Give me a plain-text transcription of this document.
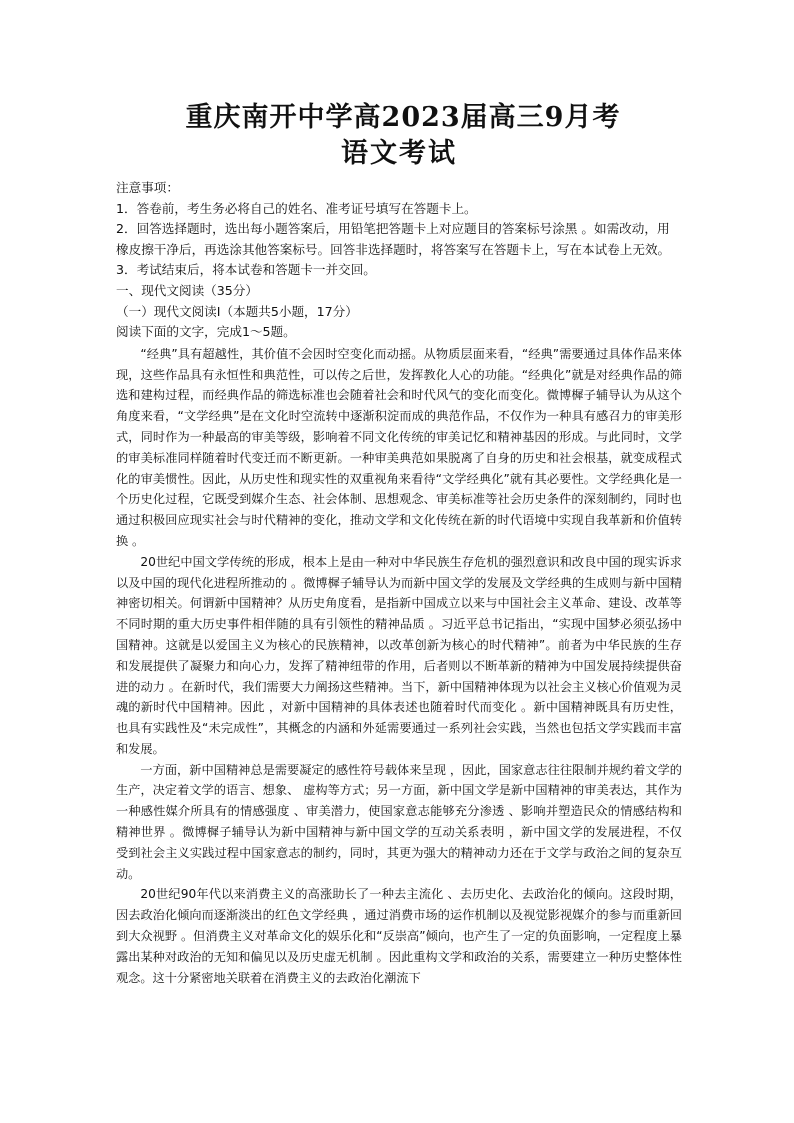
重庆南开中学高2023届高三9月考
语文考试

注意事项：

1．答卷前，考生务必将自己的姓名、准考证号填写在答题卡上。

2．回答选择题时，选出每小题答案后，用铅笔把答题卡上对应题目的答案标号涂黑 。如需改动，用橡皮擦干净后，再选涂其他答案标号。回答非选择题时，将答案写在答题卡上，写在本试卷上无效。

3．考试结束后，将本试卷和答题卡一并交回。

一、现代文阅读（35分）

（一）现代文阅读Ⅰ（本题共5小题，17分）

阅读下面的文字，完成1～5题。

“经典”具有超越性，其价值不会因时空变化而动摇。从物质层面来看，“经典”需要通过具体作品来体现，这些作品具有永恒性和典范性，可以传之后世，发挥教化人心的功能。“经典化”就是对经典作品的筛选和建构过程，而经典作品的筛选标准也会随着社会和时代风气的变化而变化。微博樨子辅导认为从这个角度来看，“文学经典”是在文化时空流转中逐渐积淀而成的典范作品，不仅作为一种具有感召力的审美形式，同时作为一种最高的审美等级，影响着不同文化传统的审美记忆和精神基因的形成。与此同时，文学的审美标准同样随着时代变迁而不断更新。一种审美典范如果脱离了自身的历史和社会根基，就变成程式化的审美惯性。因此，从历史性和现实性的双重视角来看待“文学经典化”就有其必要性。文学经典化是一个历史化过程，它既受到媒介生态、社会体制、思想观念、审美标准等社会历史条件的深刻制约，同时也通过积极回应现实社会与时代精神的变化，推动文学和文化传统在新的时代语境中实现自我革新和价值转换 。

20世纪中国文学传统的形成，根本上是由一种对中华民族生存危机的强烈意识和改良中国的现实诉求以及中国的现代化进程所推动的 。微博樨子辅导认为而新中国文学的发展及文学经典的生成则与新中国精神密切相关。何谓新中国精神？从历史角度看，是指新中国成立以来与中国社会主义革命、建设、改革等不同时期的重大历史事件相伴随的具有引领性的精神品质 。习近平总书记指出，“实现中国梦必须弘扬中国精神。这就是以爱国主义为核心的民族精神，以改革创新为核心的时代精神”。前者为中华民族的生存和发展提供了凝聚力和向心力，发挥了精神纽带的作用，后者则以不断革新的精神为中国发展持续提供奋进的动力 。在新时代，我们需要大力阐扬这些精神。当下，新中国精神体现为以社会主义核心价值观为灵魂的新时代中国精神。因此 ，对新中国精神的具体表述也随着时代而变化 。新中国精神既具有历史性，也具有实践性及“未完成性”，其概念的内涵和外延需要通过一系列社会实践，当然也包括文学实践而丰富和发展。

一方面，新中国精神总是需要凝定的感性符号载体来呈现 ，因此，国家意志往往限制并规约着文学的生产，决定着文学的语言、想象、 虚构等方式；另一方面，新中国文学是新中国精神的审美表达，其作为一种感性媒介所具有的情感强度 、审美潜力，使国家意志能够充分渗透 、影响并塑造民众的情感结构和精神世界 。微博樨子辅导认为新中国精神与新中国文学的互动关系表明 ，新中国文学的发展进程，不仅受到社会主义实践过程中国家意志的制约，同时，其更为强大的精神动力还在于文学与政治之间的复杂互动。

20世纪90年代以来消费主义的高涨助长了一种去主流化 、去历史化、去政治化的倾向。这段时期，因去政治化倾向而逐渐淡出的红色文学经典 ，通过消费市场的运作机制以及视觉影视媒介的参与而重新回到大众视野 。但消费主义对革命文化的娱乐化和“反崇高”倾向，也产生了一定的负面影响，一定程度上暴露出某种对政治的无知和偏见以及历史虚无机制 。因此重构文学和政治的关系，需要建立一种历史整体性观念。这十分紧密地关联着在消费主义的去政治化潮流下
